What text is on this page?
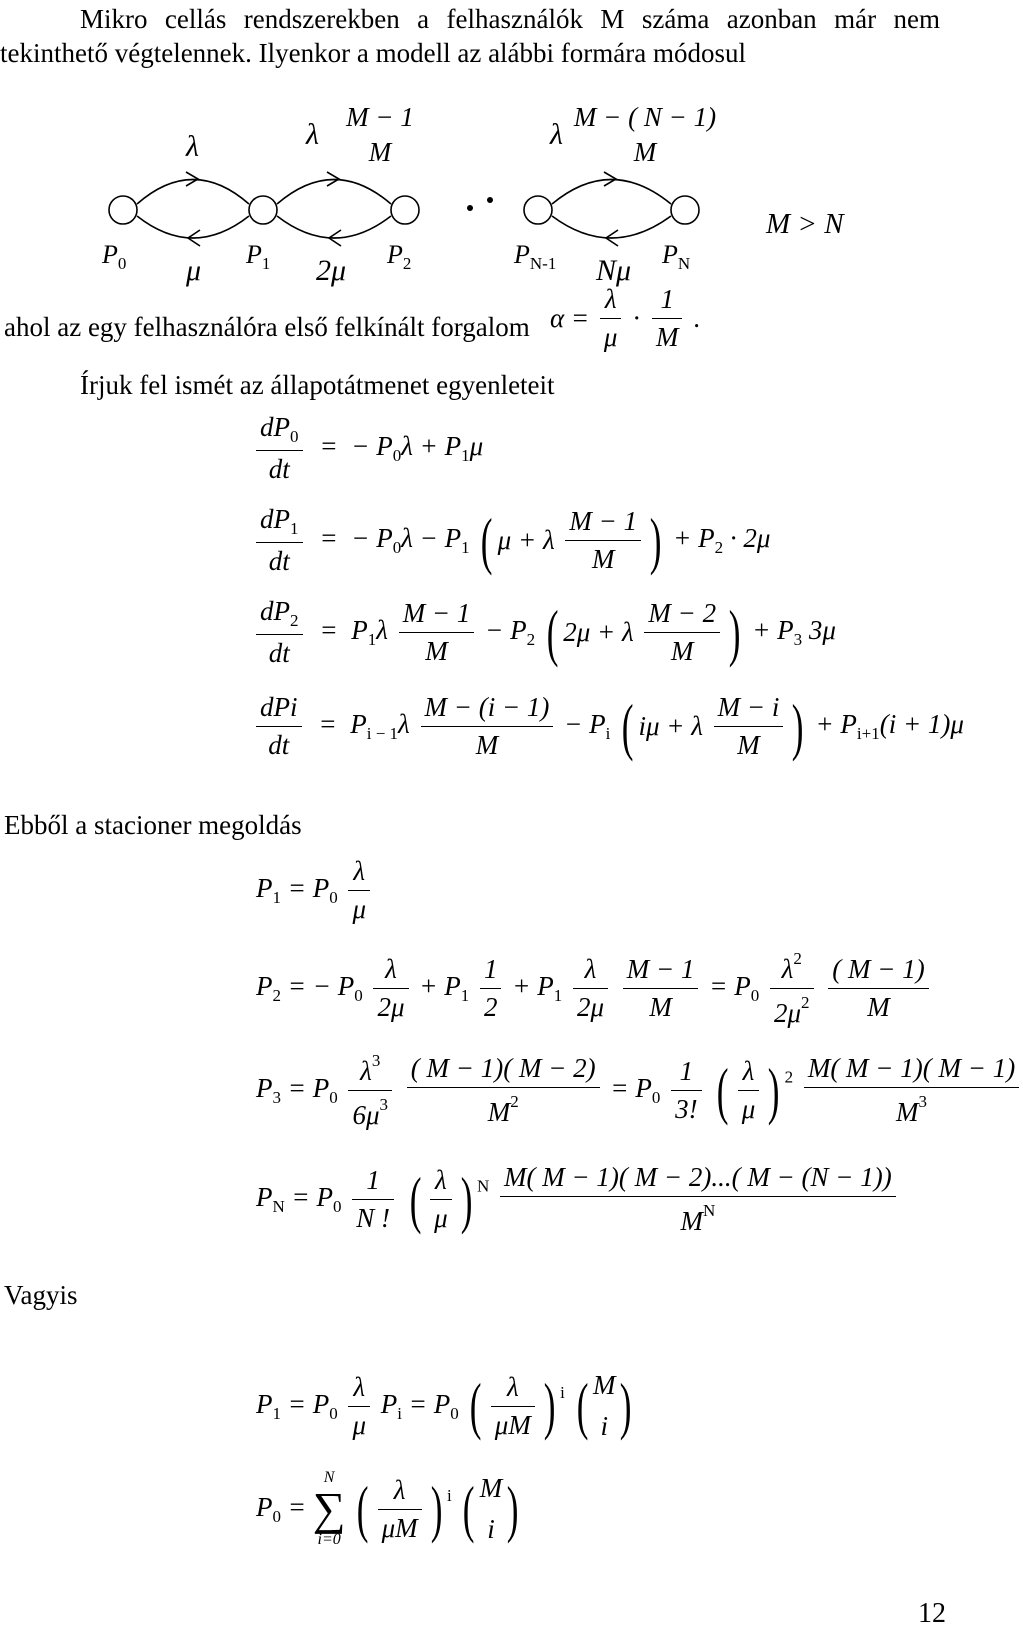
Mikro cellás rendszerekben a felhasználók M száma azonban már nem tekinthető végtelennek. Ilyenkor a modell az alábbi formára módosul
λ	λ
M − 1
M
λ
M − ( N − 1)
M
$P_0$	$P_1$	$P_2$	$P_{N-1}$	$P_N$
μ	2μ	Nμ
M > N
ahol az egy felhasználóra első felkínált forgalom $\alpha = \frac{\lambda}{\mu} \cdot \frac{1}{M}$ .
Írjuk fel ismét az állapotátmenet egyenleteit
$\frac{dP_0}{dt}$ = − $P_0\lambda + P_1\mu$
$\frac{dP_1}{dt}$ = − $P_0\lambda - P_1$ ( μ + λ $\frac{M - 1}{M}$ ) + $P_2 \cdot 2\mu$
$\frac{dP_2}{dt} = P_1\lambda \frac{M - 1}{M} - P_2$ ( 2μ + λ $\frac{M - 2}{M}$ ) + $P_3$ 3μ
$\frac{\text{dPi}}{dt} = P_{i - 1}\lambda \frac{M - (i - 1)}{M} - P_i$ ( iμ + λ $\frac{M - i}{M}$ ) + $P_{i+1}(i + 1)\mu$
Ebből a stacioner megoldás
$P_1 = P_0 \frac{\lambda}{\mu}$
$P_2$ = − $P_0 \frac{\lambda}{2\mu} + P_1 \frac{1}{2} + P_1 \frac{\lambda}{2\mu}$
$\frac{M - 1}{M} = P_0 \frac{\lambda^2}{2\mu^2}$
$\frac{( M - 1)}{M}$
$P_3 = P_0 \frac{\lambda^3}{6\mu^3}$
$\frac{( M - 1)( M - 2)}{M^2} = P_0 \frac{1}{3!}$ ( $\frac{\lambda}{\mu}$ ) $^2 \frac{M( M - 1)( M - 1)}{M^3}$
$P_N = P_0 \frac{1}{N !}$ ( $\frac{\lambda}{\mu}$ ) $^N \frac{M( M - 1)( M - 2)...( M - (N - 1))}{M^N}$
Vagyis
$P_1 = P_0 \frac{\lambda}{\mu} P_i = P_0$ ( $\frac{\lambda}{\mu M}$ ) $^i$ ( M
i )
$P_0 = N$
∑
i=0 ( $\frac{\lambda}{\mu M}$ ) $^i$ ( M
i )
12
